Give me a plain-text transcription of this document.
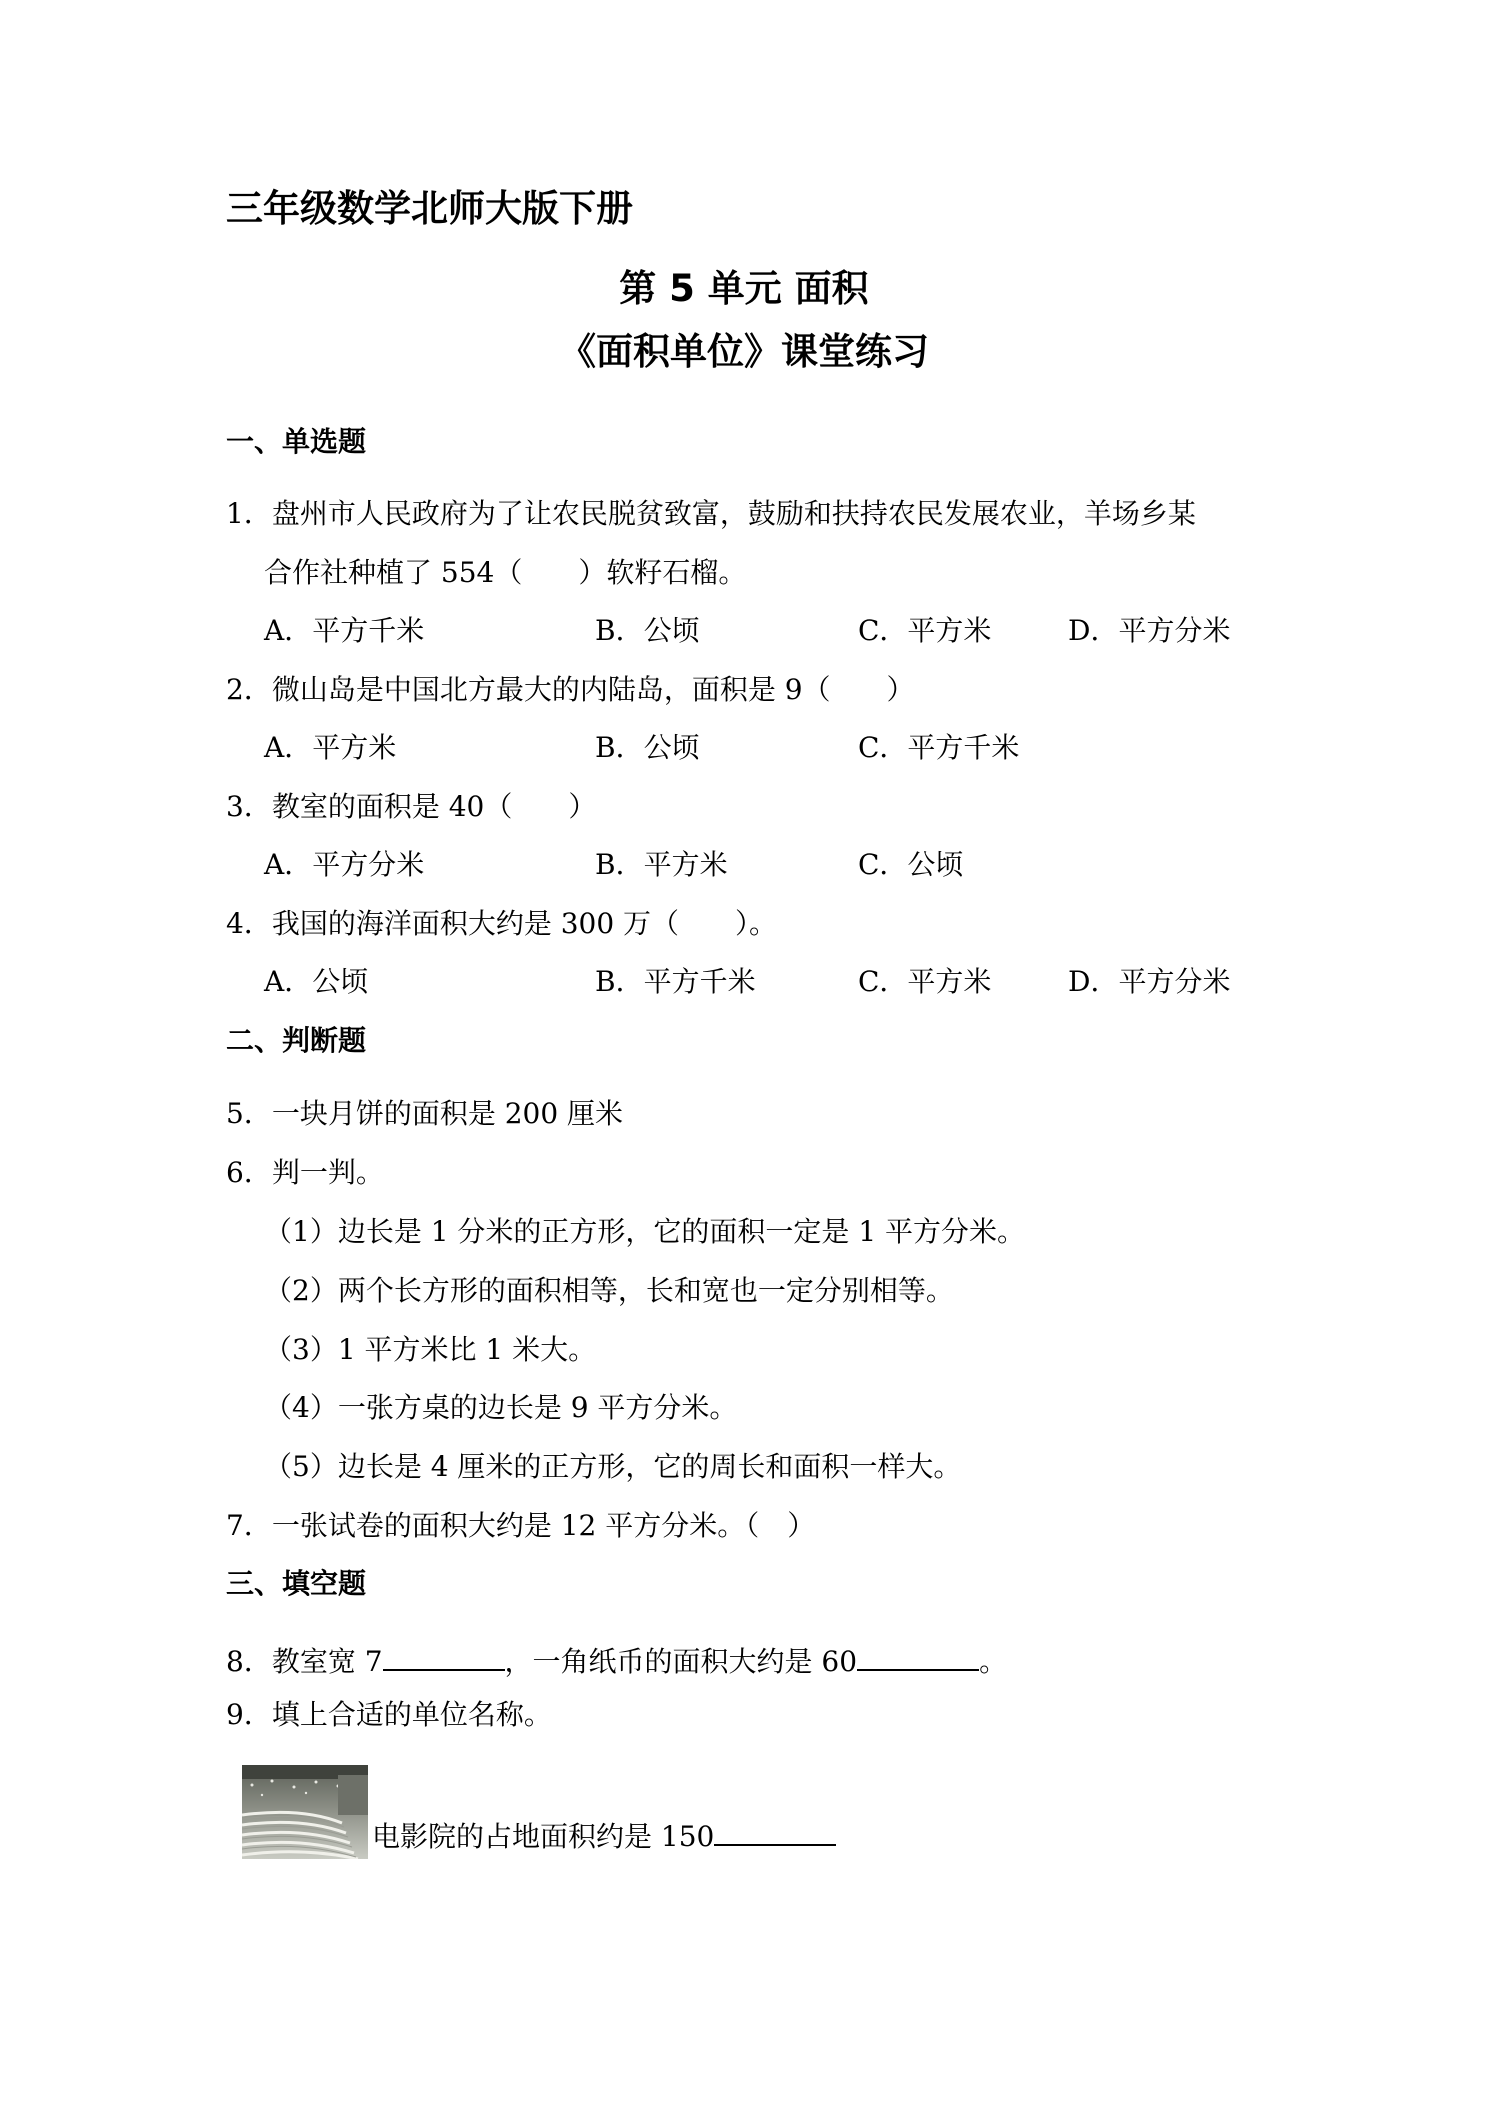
三年级数学北师大版下册
第 5 单元 面积
《面积单位》课堂练习
一、单选题
1．盘州市人民政府为了让农民脱贫致富，鼓励和扶持农民发展农业，羊场乡某
合作社种植了 554（　　）软籽石榴。
A．平方千米	B．公顷	C．平方米	D．平方分米
2．微山岛是中国北方最大的内陆岛，面积是 9（　　）
A．平方米	B．公顷	C．平方千米
3．教室的面积是 40（　　）
A．平方分米	B．平方米	C．公顷
4．我国的海洋面积大约是 300 万（　　）。
A．公顷	B．平方千米	C．平方米	D．平方分米
二、判断题
5．一块月饼的面积是 200 厘米
6．判一判。
（1）边长是 1 分米的正方形，它的面积一定是 1 平方分米。
（2）两个长方形的面积相等，长和宽也一定分别相等。
（3）1 平方米比 1 米大。
（4）一张方桌的边长是 9 平方分米。
（5）边长是 4 厘米的正方形，它的周长和面积一样大。
7．一张试卷的面积大约是 12 平方分米。（　）
三、填空题
8．教室宽 7	，一角纸币的面积大约是 60	。
9．填上合适的单位名称。
电影院的占地面积约是 150
